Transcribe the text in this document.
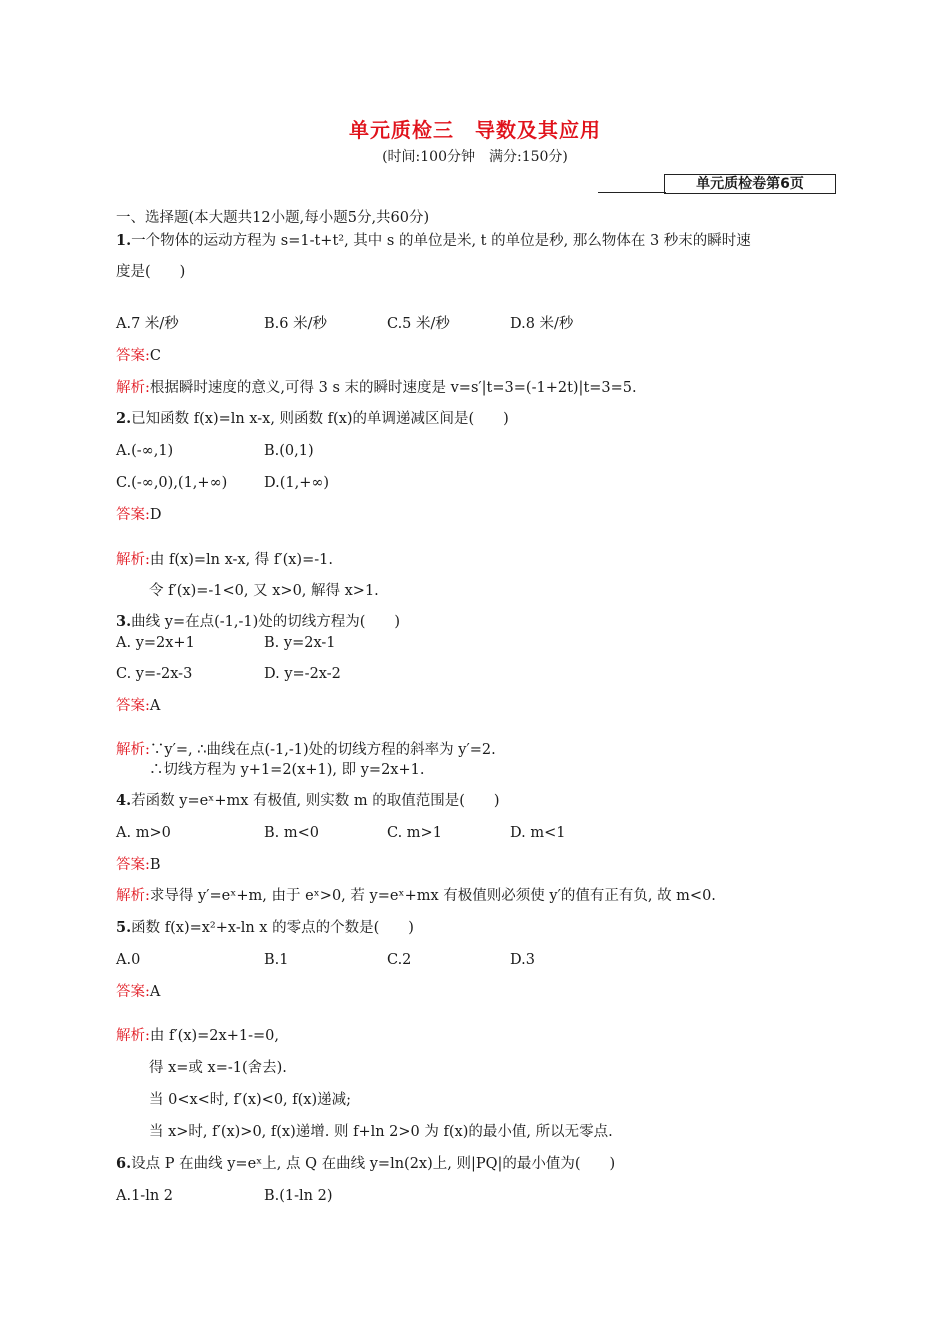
单元质检三　导数及其应用
(时间:100分钟　满分:150分)
单元质检卷第6页
一、选择题(本大题共12小题,每小题5分,共60分)
1.一个物体的运动方程为 s=1-t+t², 其中 s 的单位是米, t 的单位是秒, 那么物体在 3 秒末的瞬时速
度是(　　)
A.7 米/秒	B.6 米/秒	C.5 米/秒	D.8 米/秒
答案:C
解析:根据瞬时速度的意义,可得 3 s 末的瞬时速度是 v=s′|t=3=(-1+2t)|t=3=5.
2.已知函数 f(x)=ln x-x, 则函数 f(x)的单调递减区间是(　　)
A.(-∞,1)	B.(0,1)
C.(-∞,0),(1,+∞)	D.(1,+∞)
答案:D
解析:由 f(x)=ln x-x, 得 f′(x)=-1.
令 f′(x)=-1<0, 又 x>0, 解得 x>1.
3.曲线 y=在点(-1,-1)处的切线方程为(　　)
A. y=2x+1	B. y=2x-1
C. y=-2x-3	D. y=-2x-2
答案:A
解析:∵y′=, ∴曲线在点(-1,-1)处的切线方程的斜率为 y′=2.
∴切线方程为 y+1=2(x+1), 即 y=2x+1.
4.若函数 y=eˣ+mx 有极值, 则实数 m 的取值范围是(　　)
A. m>0	B. m<0	C. m>1	D. m<1
答案:B
解析:求导得 y′=eˣ+m, 由于 eˣ>0, 若 y=eˣ+mx 有极值则必须使 y′的值有正有负, 故 m<0.
5.函数 f(x)=x²+x-ln x 的零点的个数是(　　)
A.0	B.1	C.2	D.3
答案:A
解析:由 f′(x)=2x+1-=0,
得 x=或 x=-1(舍去).
当 0<x<时, f′(x)<0, f(x)递减;
当 x>时, f′(x)>0, f(x)递增. 则 f+ln 2>0 为 f(x)的最小值, 所以无零点.
6.设点 P 在曲线 y=eˣ上, 点 Q 在曲线 y=ln(2x)上, 则|PQ|的最小值为(　　)
A.1-ln 2	B.(1-ln 2)
